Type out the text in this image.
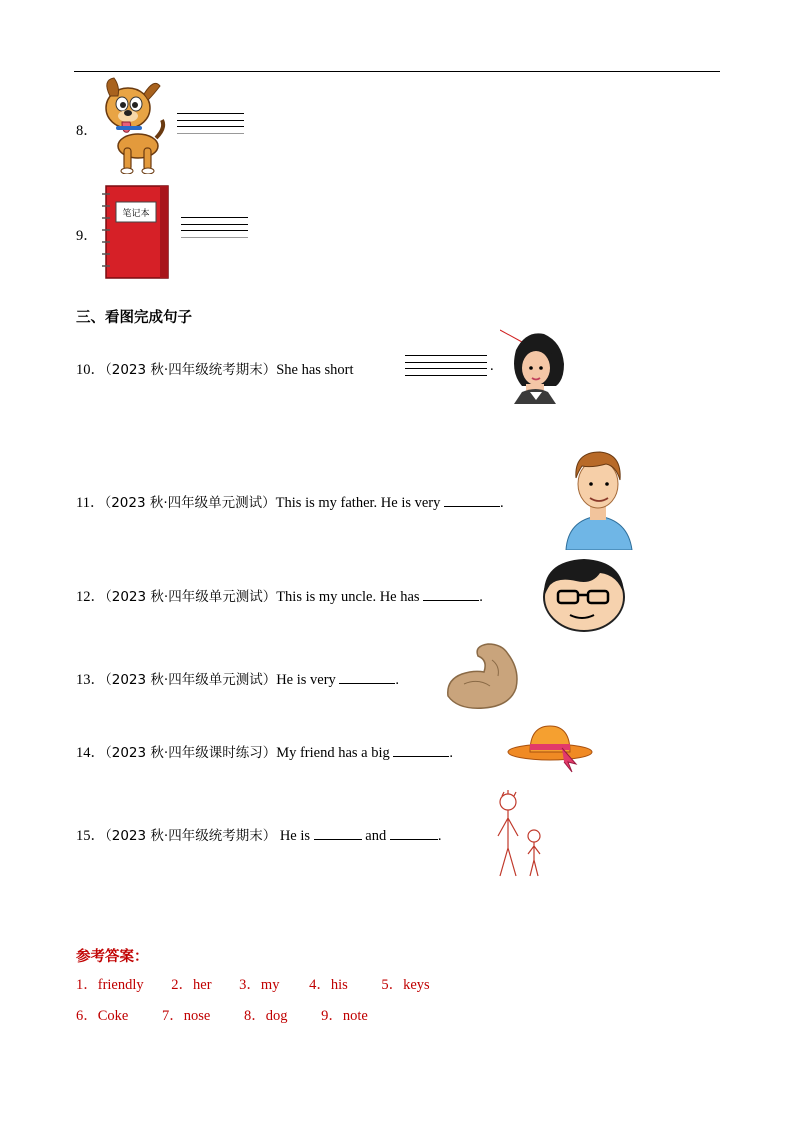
8．
9．
笔记本
三、看图完成句子
10．（2023 秋·四年级统考期末）She has short	.
11．（2023 秋·四年级单元测试）This is my father. He is very	.
12．（2023 秋·四年级单元测试）This is my uncle. He has	.
13．（2023 秋·四年级单元测试）He is very	.
14．（2023 秋·四年级课时练习）My friend has a big	.
15．（2023 秋·四年级统考期末） He is	and	.
参考答案：
1．friendly 2．her 3．my 4．his 5．keys
6．Coke 7．nose 8．dog 9．note
